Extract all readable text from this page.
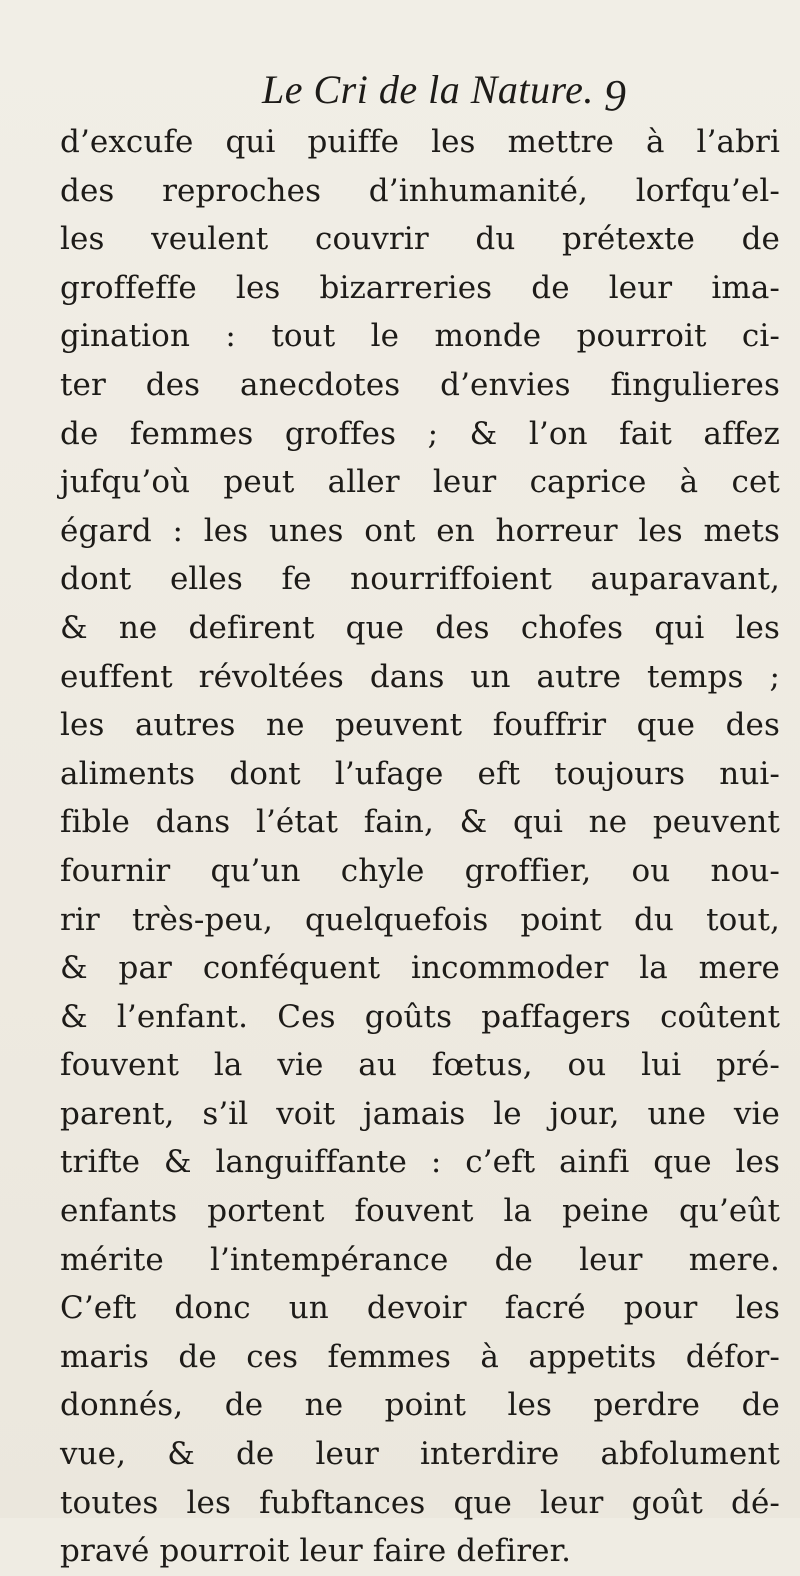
Le Cri de la Nature. 9
d’excufe qui puiffe les mettre à l’abri
des reproches d’inhumanité, lorfqu’el-
les veulent couvrir du prétexte de
groffeffe les bizarreries de leur ima-
gination : tout le monde pourroit ci-
ter des anecdotes d’envies fingulieres
de femmes groffes ; & l’on fait affez
jufqu’où peut aller leur caprice à cet
égard : les unes ont en horreur les mets
dont elles fe nourriffoient auparavant,
& ne defirent que des chofes qui les
euffent révoltées dans un autre temps ;
les autres ne peuvent fouffrir que des
aliments dont l’ufage eft toujours nui-
fible dans l’état fain, & qui ne peuvent
fournir qu’un chyle groffier, ou nou-
rir très-peu, quelquefois point du tout,
& par conféquent incommoder la mere
& l’enfant. Ces goûts paffagers coûtent
fouvent la vie au fœtus, ou lui pré-
parent, s’il voit jamais le jour, une vie
trifte & languiffante : c’eft ainfi que les
enfants portent fouvent la peine qu’eût
mérite l’intempérance de leur mere.
C’eft donc un devoir facré pour les
maris de ces femmes à appetits défor-
donnés, de ne point les perdre de
vue, & de leur interdire abfolument
toutes les fubftances que leur goût dé-
pravé pourroit leur faire defirer.
